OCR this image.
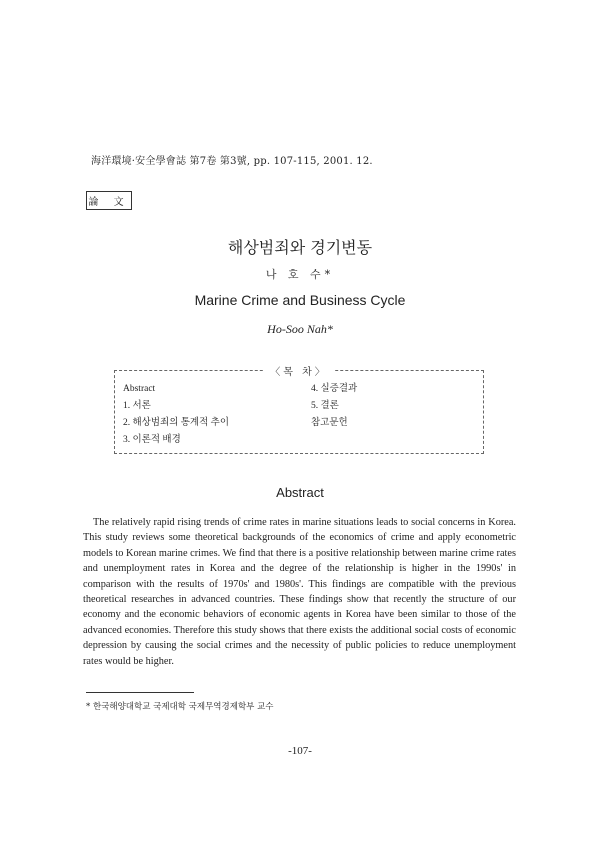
海洋環境·安全學會誌 第7卷 第3號, pp. 107-115, 2001. 12.
論 文
해상범죄와 경기변동
나 호 수*
Marine Crime and Business Cycle
Ho-Soo Nah*
〈목 차〉
Abstract
1. 서론
2. 해상범죄의 통계적 추이
3. 이론적 배경
4. 실증결과
5. 결론
참고문헌
Abstract
The relatively rapid rising trends of crime rates in marine situations leads to social concerns in Korea. This study reviews some theoretical backgrounds of the economics of crime and apply econometric models to Korean marine crimes. We find that there is a positive relationship between marine crime rates and unemployment rates in Korea and the degree of the relationship is higher in the 1990s' in comparison with the results of 1970s' and 1980s'. This findings are compatible with the previous theoretical researches in advanced countries. These findings show that recently the structure of our economy and the economic behaviors of economic agents in Korea have been similar to those of the advanced economies. Therefore this study shows that there exists the additional social costs of economic depression by causing the social crimes and the necessity of public policies to reduce unemployment rates would be higher.
* 한국해양대학교 국제대학 국제무역경제학부 교수
-107-
